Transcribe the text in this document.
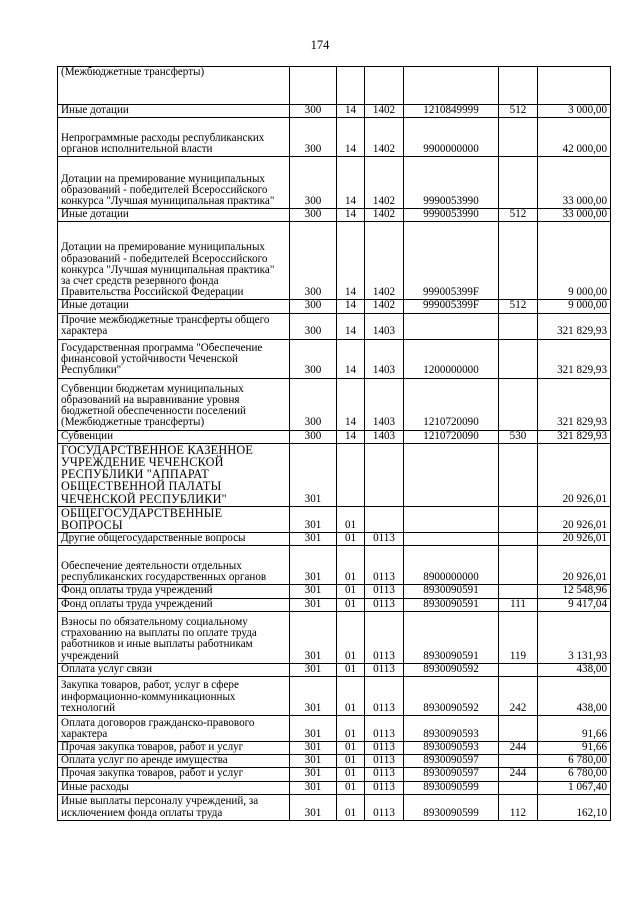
174
(Межбюджетные трансферты)						
Иные дотации	300	14	1402	1210849999	512	3 000,00
Непрограммные расходы республиканских органов исполнительной власти	300	14	1402	9900000000		42 000,00
Дотации на премирование муниципальных образований - победителей Всероссийского конкурса "Лучшая муниципальная практика"	300	14	1402	9990053990		33 000,00
Иные дотации	300	14	1402	9990053990	512	33 000,00
Дотации на премирование муниципальных образований - победителей Всероссийского конкурса "Лучшая муниципальная практика" за счет средств резервного фонда Правительства Российской Федерации	300	14	1402	999005399F		9 000,00
Иные дотации	300	14	1402	999005399F	512	9 000,00
Прочие межбюджетные трансферты общего характера	300	14	1403			321 829,93
Государственная программа "Обеспечение финансовой устойчивости Чеченской Республики"	300	14	1403	1200000000		321 829,93
Субвенции бюджетам муниципальных образований на выравнивание уровня бюджетной обеспеченности поселений (Межбюджетные трансферты)	300	14	1403	1210720090		321 829,93
Субвенции	300	14	1403	1210720090	530	321 829,93
ГОСУДАРСТВЕННОЕ КАЗЕННОЕ УЧРЕЖДЕНИЕ ЧЕЧЕНСКОЙ РЕСПУБЛИКИ "АППАРАТ ОБЩЕСТВЕННОЙ ПАЛАТЫ ЧЕЧЕНСКОЙ РЕСПУБЛИКИ"	301					20 926,01
ОБЩЕГОСУДАРСТВЕННЫЕ ВОПРОСЫ	301	01				20 926,01
Другие общегосударственные вопросы	301	01	0113			20 926,01
Обеспечение деятельности отдельных республиканских государственных органов	301	01	0113	8900000000		20 926,01
Фонд оплаты труда учреждений	301	01	0113	8930090591		12 548,96
Фонд оплаты труда учреждений	301	01	0113	8930090591	111	9 417,04
Взносы по обязательному социальному страхованию на выплаты по оплате труда работников и иные выплаты работникам учреждений	301	01	0113	8930090591	119	3 131,93
Оплата услуг связи	301	01	0113	8930090592		438,00
Закупка товаров, работ, услуг в сфере информационно-коммуникационных технологий	301	01	0113	8930090592	242	438,00
Оплата договоров гражданско-правового характера	301	01	0113	8930090593		91,66
Прочая закупка товаров, работ и услуг	301	01	0113	8930090593	244	91,66
Оплата услуг по аренде имущества	301	01	0113	8930090597		6 780,00
Прочая закупка товаров, работ и услуг	301	01	0113	8930090597	244	6 780,00
Иные расходы	301	01	0113	8930090599		1 067,40
Иные выплаты персоналу учреждений, за исключением фонда оплаты труда	301	01	0113	8930090599	112	162,10
